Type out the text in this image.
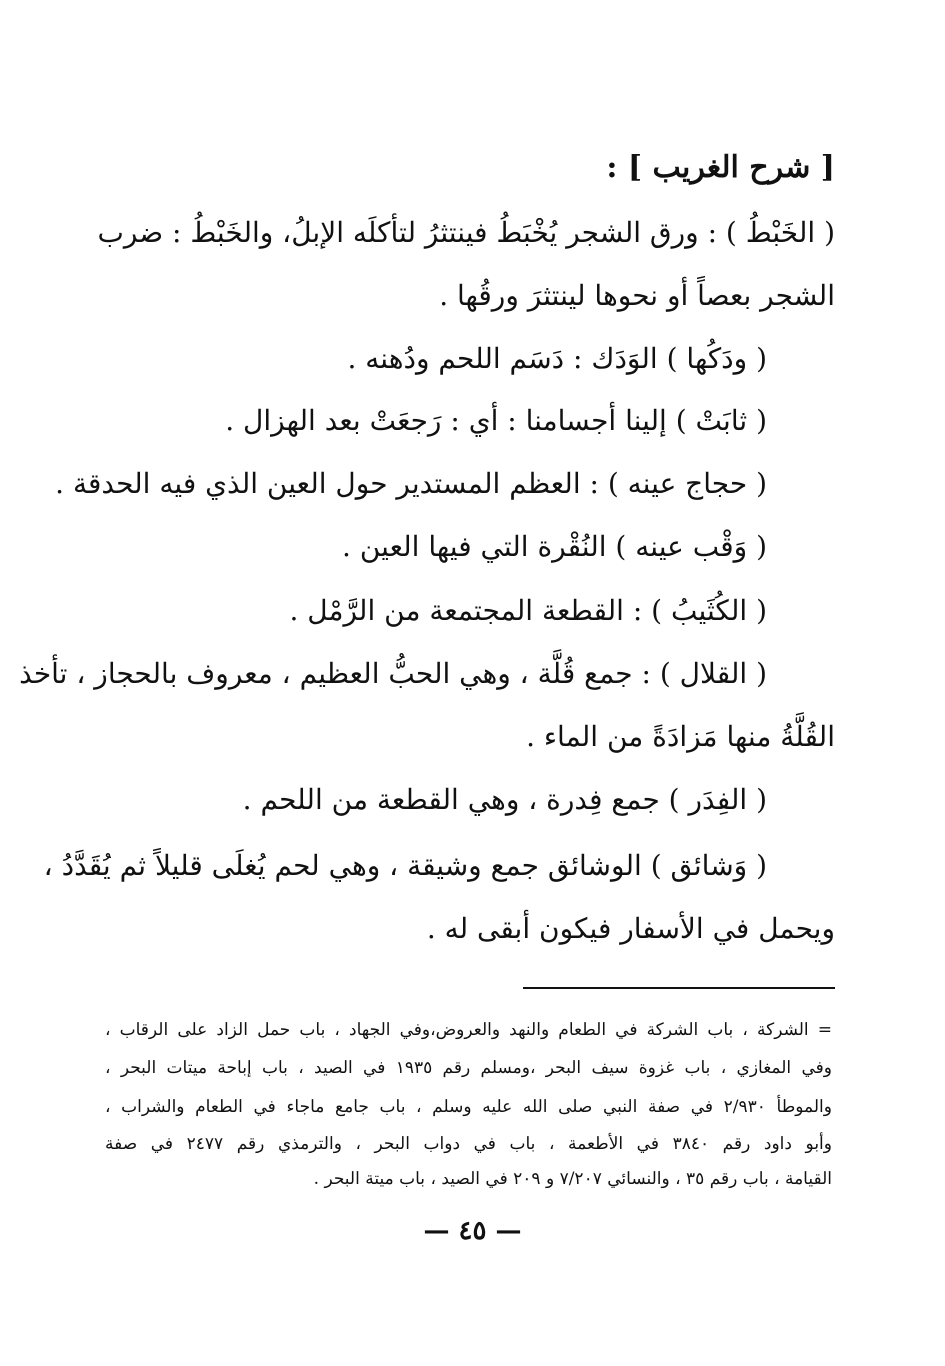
[ شرح الغريب ] :
( الخَبْطُ ) : ورق الشجر يُخْبَطُ فينتثرُ لتأكلَه الإبلُ، والخَبْطُ : ضرب
الشجر بعصاً أو نحوها لينتثرَ ورقُها .
( ودَكُها ) الوَدَك : دَسَم اللحم ودُهنه .
( ثابَتْ ) إلينا أجسامنا : أي : رَجعَتْ بعد الهزال .
( حجاج عينه ) : العظم المستدير حول العين الذي فيه الحدقة .
( وَقْب عينه ) النُقْرة التي فيها العين .
( الكُثَيبُ ) : القطعة المجتمعة من الرَّمْل .
( القلال ) : جمع قُلَّة ، وهي الحبُّ العظيم ، معروف بالحجاز ، تأخذ
القُلَّةُ منها مَزادَةً من الماء .
( الفِدَر ) جمع فِدرة ، وهي القطعة من اللحم .
( وَشائق ) الوشائق جمع وشيقة ، وهي لحم يُغلَى قليلاً ثم يُقَدَّدُ ،
ويحمل في الأسفار فيكون أبقى له .
= الشركة ، باب الشركة في الطعام والنهد والعروض،وفي الجهاد ، باب حمل الزاد على الرقاب ،
وفي المغازي ، باب غزوة سيف البحر ،ومسلم رقم ١٩٣٥ في الصيد ، باب إباحة ميتات البحر ،
والموطأ ٢/٩٣٠ في صفة النبي صلى الله عليه وسلم ، باب جامع ماجاء في الطعام والشراب ،
وأبو داود رقم ٣٨٤٠ في الأطعمة ، باب في دواب البحر ، والترمذي رقم ٢٤٧٧ في صفة
القيامة ، باب رقم ٣٥ ، والنسائي ٧/٢٠٧ و ٢٠٩ في الصيد ، باب ميتة البحر .
— ٤٥ —
